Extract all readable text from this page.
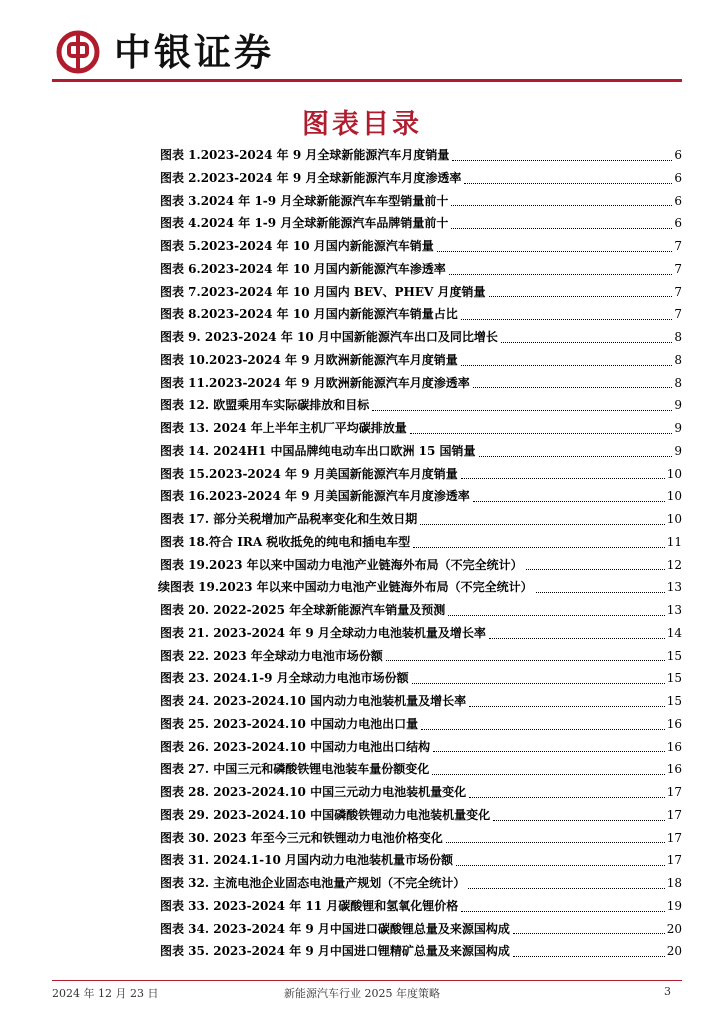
中银证券
图表目录
图表 1.2023-2024 年 9 月全球新能源汽车月度销量	6
图表 2.2023-2024 年 9 月全球新能源汽车月度渗透率	6
图表 3.2024 年 1-9 月全球新能源汽车车型销量前十	6
图表 4.2024 年 1-9 月全球新能源汽车品牌销量前十	6
图表 5.2023-2024 年 10 月国内新能源汽车销量	7
图表 6.2023-2024 年 10 月国内新能源汽车渗透率	7
图表 7.2023-2024 年 10 月国内 BEV、PHEV 月度销量	7
图表 8.2023-2024 年 10 月国内新能源汽车销量占比	7
图表 9. 2023-2024 年 10 月中国新能源汽车出口及同比增长	8
图表 10.2023-2024 年 9 月欧洲新能源汽车月度销量	8
图表 11.2023-2024 年 9 月欧洲新能源汽车月度渗透率	8
图表 12. 欧盟乘用车实际碳排放和目标	9
图表 13. 2024 年上半年主机厂平均碳排放量	9
图表 14. 2024H1 中国品牌纯电动车出口欧洲 15 国销量	9
图表 15.2023-2024 年 9 月美国新能源汽车月度销量	10
图表 16.2023-2024 年 9 月美国新能源汽车月度渗透率	10
图表 17. 部分关税增加产品税率变化和生效日期	10
图表 18.符合 IRA 税收抵免的纯电和插电车型	11
图表 19.2023 年以来中国动力电池产业链海外布局（不完全统计）	12
续图表 19.2023 年以来中国动力电池产业链海外布局（不完全统计）	13
图表 20. 2022-2025 年全球新能源汽车销量及预测	13
图表 21. 2023-2024 年 9 月全球动力电池装机量及增长率	14
图表 22. 2023 年全球动力电池市场份额	15
图表 23. 2024.1-9 月全球动力电池市场份额	15
图表 24. 2023-2024.10 国内动力电池装机量及增长率	15
图表 25. 2023-2024.10 中国动力电池出口量	16
图表 26. 2023-2024.10 中国动力电池出口结构	16
图表 27. 中国三元和磷酸铁锂电池装车量份额变化	16
图表 28. 2023-2024.10 中国三元动力电池装机量变化	17
图表 29. 2023-2024.10 中国磷酸铁锂动力电池装机量变化	17
图表 30. 2023 年至今三元和铁锂动力电池价格变化	17
图表 31. 2024.1-10 月国内动力电池装机量市场份额	17
图表 32. 主流电池企业固态电池量产规划（不完全统计）	18
图表 33. 2023-2024 年 11 月碳酸锂和氢氧化锂价格	19
图表 34. 2023-2024 年 9 月中国进口碳酸锂总量及来源国构成	20
图表 35. 2023-2024 年 9 月中国进口锂精矿总量及来源国构成	20
2024 年 12 月 23 日	新能源汽车行业 2025 年度策略	3
